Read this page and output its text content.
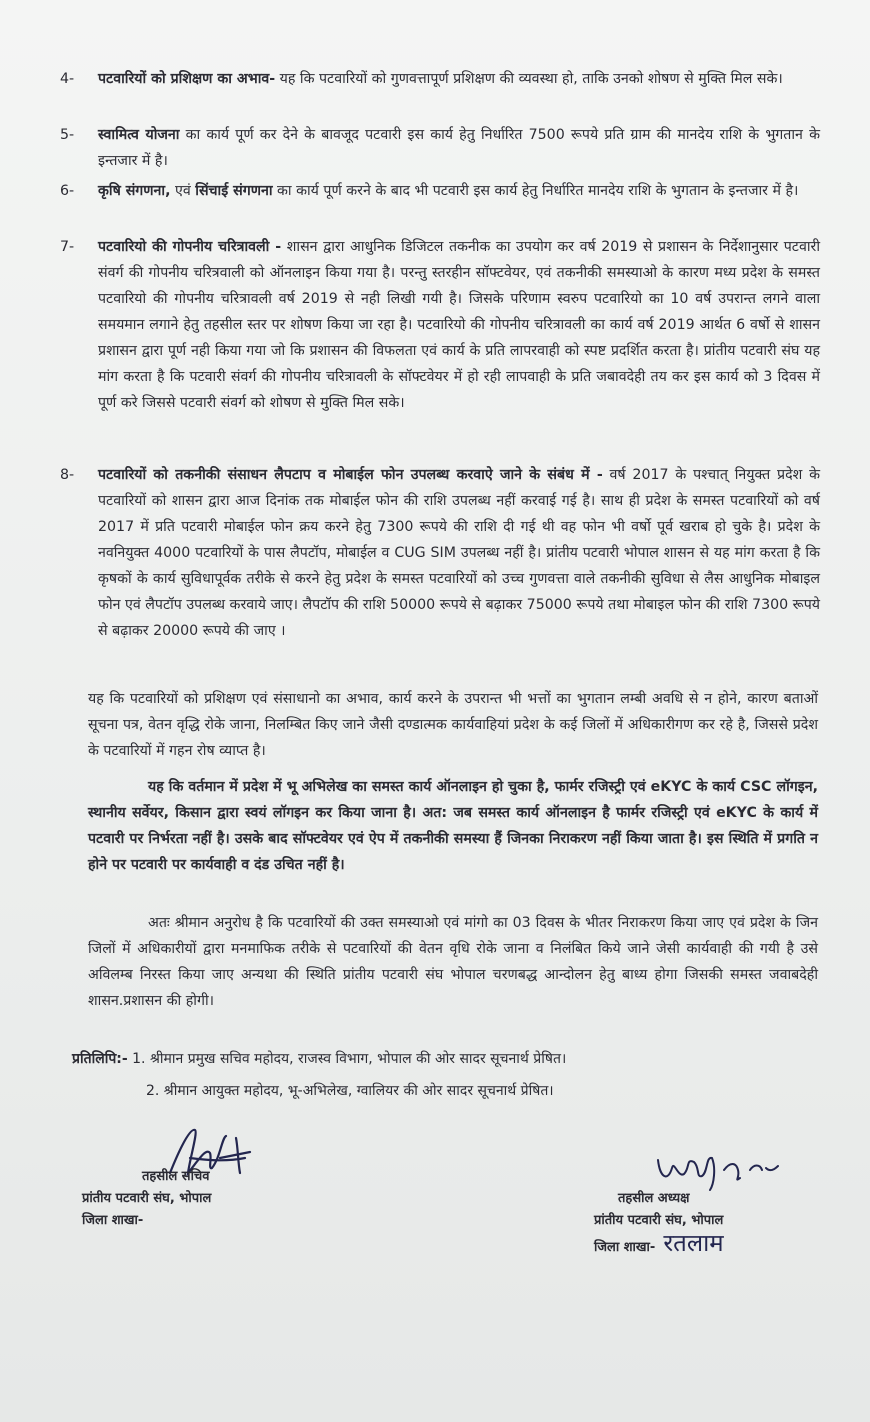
4-	पटवारियों को प्रशिक्षण का अभाव- यह कि पटवारियों को गुणवत्तापूर्ण प्रशिक्षण की व्यवस्था हो, ताकि उनको शोषण से मुक्ति मिल सके।
5-	स्वामित्व योजना का कार्य पूर्ण कर देने के बावजूद पटवारी इस कार्य हेतु निर्धारित 7500 रूपये प्रति ग्राम की मानदेय राशि के भुगतान के इन्तजार में है।
6-	कृषि संगणना, एवं सिंचाई संगणना का कार्य पूर्ण करने के बाद भी पटवारी इस कार्य हेतु निर्धारित मानदेय राशि के भुगतान के इन्तजार में है।
7-	पटवारियो की गोपनीय चरित्रावली - शासन द्वारा आधुनिक डिजिटल तकनीक का उपयोग कर वर्ष 2019 से प्रशासन के निर्देशानुसार पटवारी संवर्ग की गोपनीय चरित्रवाली को ऑनलाइन किया गया है। परन्तु स्तरहीन सॉफ्टवेयर, एवं तकनीकी समस्याओ के कारण मध्य प्रदेश के समस्त पटवारियो की गोपनीय चरित्रावली वर्ष 2019 से नही लिखी गयी है। जिसके परिणाम स्वरुप पटवारियो का 10 वर्ष उपरान्त लगने वाला समयमान लगाने हेतु तहसील स्तर पर शोषण किया जा रहा है। पटवारियो की गोपनीय चरित्रावली का कार्य वर्ष 2019 आर्थत 6 वर्षो से शासन प्रशासन द्वारा पूर्ण नही किया गया जो कि प्रशासन की विफलता एवं कार्य के प्रति लापरवाही को स्पष्ट प्रदर्शित करता है। प्रांतीय पटवारी संघ यह मांग करता है कि पटवारी संवर्ग की गोपनीय चरित्रावली के सॉफ्टवेयर में हो रही लापवाही के प्रति जबावदेही तय कर इस कार्य को 3 दिवस में पूर्ण करे जिससे पटवारी संवर्ग को शोषण से मुक्ति मिल सके।
8-	पटवारियों को तकनीकी संसाधन लैपटाप व मोबाईल फोन उपलब्ध करवाऐ जाने के संबंध में - वर्ष 2017 के पश्चात् नियुक्त प्रदेश के पटवारियों को शासन द्वारा आज दिनांक तक मोबाईल फोन की राशि उपलब्ध नहीं करवाई गई है। साथ ही प्रदेश के समस्त पटवारियों को वर्ष 2017 में प्रति पटवारी मोबाईल फोन क्रय करने हेतु 7300 रूपये की राशि दी गई थी वह फोन भी वर्षो पूर्व खराब हो चुके है। प्रदेश के नवनियुक्त 4000 पटवारियों के पास लैपटॉप, मोबाईल व CUG SIM उपलब्ध नहीं है। प्रांतीय पटवारी भोपाल शासन से यह मांग करता है कि कृषकों के कार्य सुविधापूर्वक तरीके से करने हेतु प्रदेश के समस्त पटवारियों को उच्च गुणवत्ता वाले तकनीकी सुविधा से लैस आधुनिक मोबाइल फोन एवं लैपटॉप उपलब्ध करवाये जाए। लैपटॉप की राशि 50000 रूपये से बढ़ाकर 75000 रूपये तथा मोबाइल फोन की राशि 7300 रूपये से बढ़ाकर 20000 रूपये की जाए ।
यह कि पटवारियों को प्रशिक्षण एवं संसाधानो का अभाव, कार्य करने के उपरान्त भी भत्तों का भुगतान लम्बी अवधि से न होने, कारण बताओं सूचना पत्र, वेतन वृद्धि रोके जाना, निलम्बित किए जाने जैसी दण्डात्मक कार्यवाहियां प्रदेश के कई जिलों में अधिकारीगण कर रहे है, जिससे प्रदेश के पटवारियों में गहन रोष व्याप्त है।
यह कि वर्तमान में प्रदेश में भू अभिलेख का समस्त कार्य ऑनलाइन हो चुका है, फार्मर रजिस्ट्री एवं eKYC के कार्य CSC लॉगइन, स्थानीय सर्वेयर, किसान द्वारा स्वयं लॉगइन कर किया जाना है। अत: जब समस्त कार्य ऑनलाइन है फार्मर रजिस्ट्री एवं eKYC के कार्य में पटवारी पर निर्भरता नहीं है। उसके बाद सॉफ्टवेयर एवं ऐप में तकनीकी समस्या हैं जिनका निराकरण नहीं किया जाता है। इस स्थिति में प्रगति न होने पर पटवारी पर कार्यवाही व दंड उचित नहीं है।
अतः श्रीमान अनुरोध है कि पटवारियों की उक्त समस्याओ एवं मांगो का 03 दिवस के भीतर निराकरण किया जाए एवं प्रदेश के जिन जिलों में अधिकारीयों द्वारा मनमाफिक तरीके से पटवारियों की वेतन वृधि रोके जाना व निलंबित किये जाने जेसी कार्यवाही की गयी है उसे अविलम्ब निरस्त किया जाए अन्यथा की स्थिति प्रांतीय पटवारी संघ भोपाल चरणबद्ध आन्दोलन हेतु बाध्य होगा जिसकी समस्त जवाबदेही शासन.प्रशासन की होगी।
प्रतिलिपि:- 1. श्रीमान प्रमुख सचिव महोदय, राजस्व विभाग, भोपाल की ओर सादर सूचनार्थ प्रेषित।
2. श्रीमान आयुक्त महोदय, भू-अभिलेख, ग्वालियर की ओर सादर सूचनार्थ प्रेषित।
तहसील सचिव
प्रांतीय पटवारी संघ, भोपाल
जिला शाखा-
तहसील अध्यक्ष
प्रांतीय पटवारी संघ, भोपाल
जिला शाखा- रतलाम
